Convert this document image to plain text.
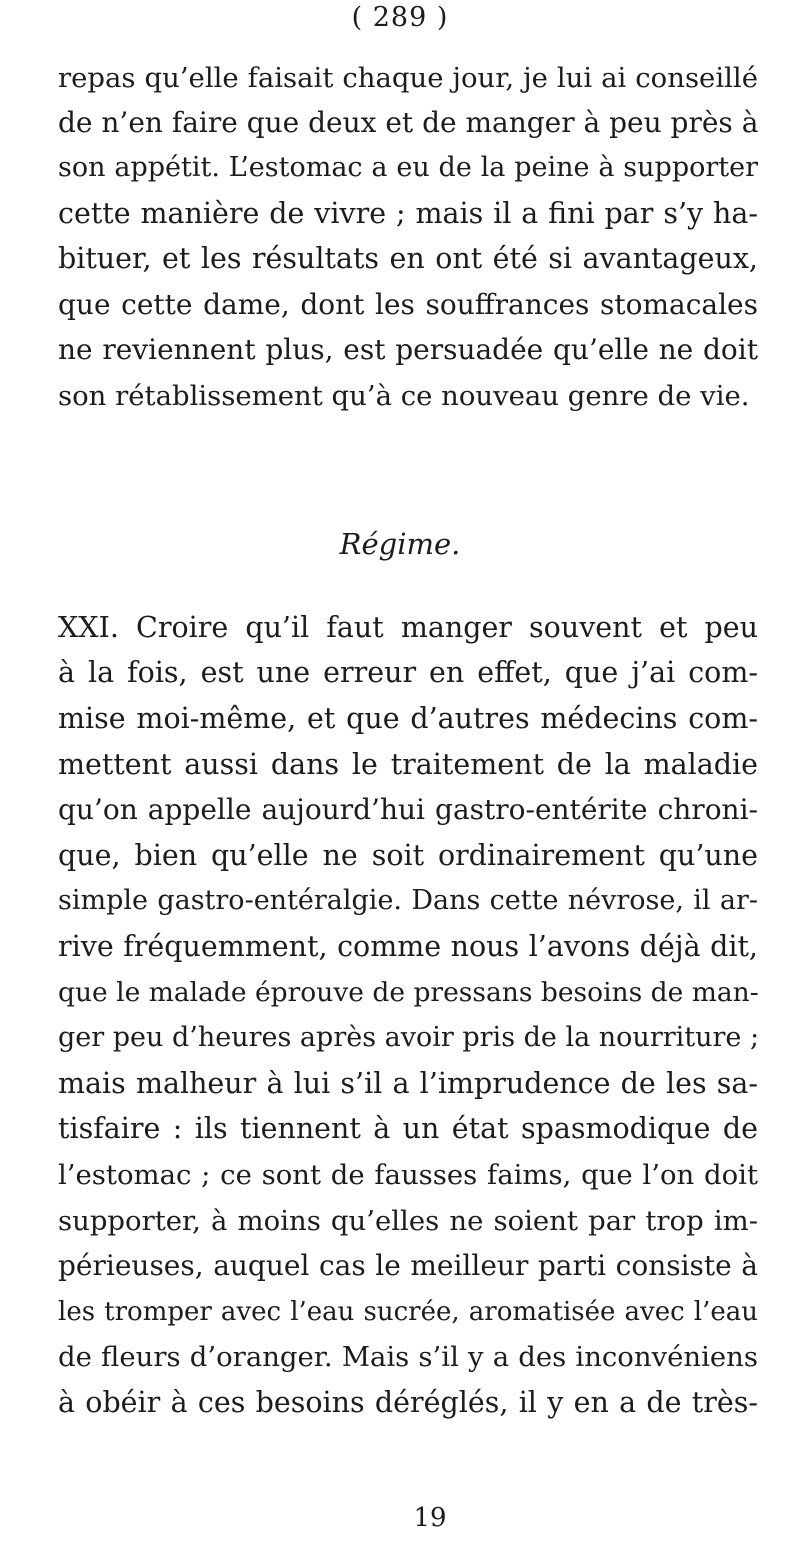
( 289 )
repas qu’elle faisait chaque jour, je lui ai conseillé
de n’en faire que deux et de manger à peu près à
son appétit. L’estomac a eu de la peine à supporter
cette manière de vivre ; mais il a fini par s’y ha-
bituer, et les résultats en ont été si avantageux,
que cette dame, dont les souffrances stomacales
ne reviennent plus, est persuadée qu’elle ne doit
son rétablissement qu’à ce nouveau genre de vie.
Régime.
XXI. Croire qu’il faut manger souvent et peu
à la fois, est une erreur en effet, que j’ai com-
mise moi-même, et que d’autres médecins com-
mettent aussi dans le traitement de la maladie
qu’on appelle aujourd’hui gastro-entérite chroni-
que, bien qu’elle ne soit ordinairement qu’une
simple gastro-entéralgie. Dans cette névrose, il ar-
rive fréquemment, comme nous l’avons déjà dit,
que le malade éprouve de pressans besoins de man-
ger peu d’heures après avoir pris de la nourriture ;
mais malheur à lui s’il a l’imprudence de les sa-
tisfaire : ils tiennent à un état spasmodique de
l’estomac ; ce sont de fausses faims, que l’on doit
supporter, à moins qu’elles ne soient par trop im-
périeuses, auquel cas le meilleur parti consiste à
les tromper avec l’eau sucrée, aromatisée avec l’eau
de fleurs d’oranger. Mais s’il y a des inconvéniens
à obéir à ces besoins déréglés, il y en a de très-
19
